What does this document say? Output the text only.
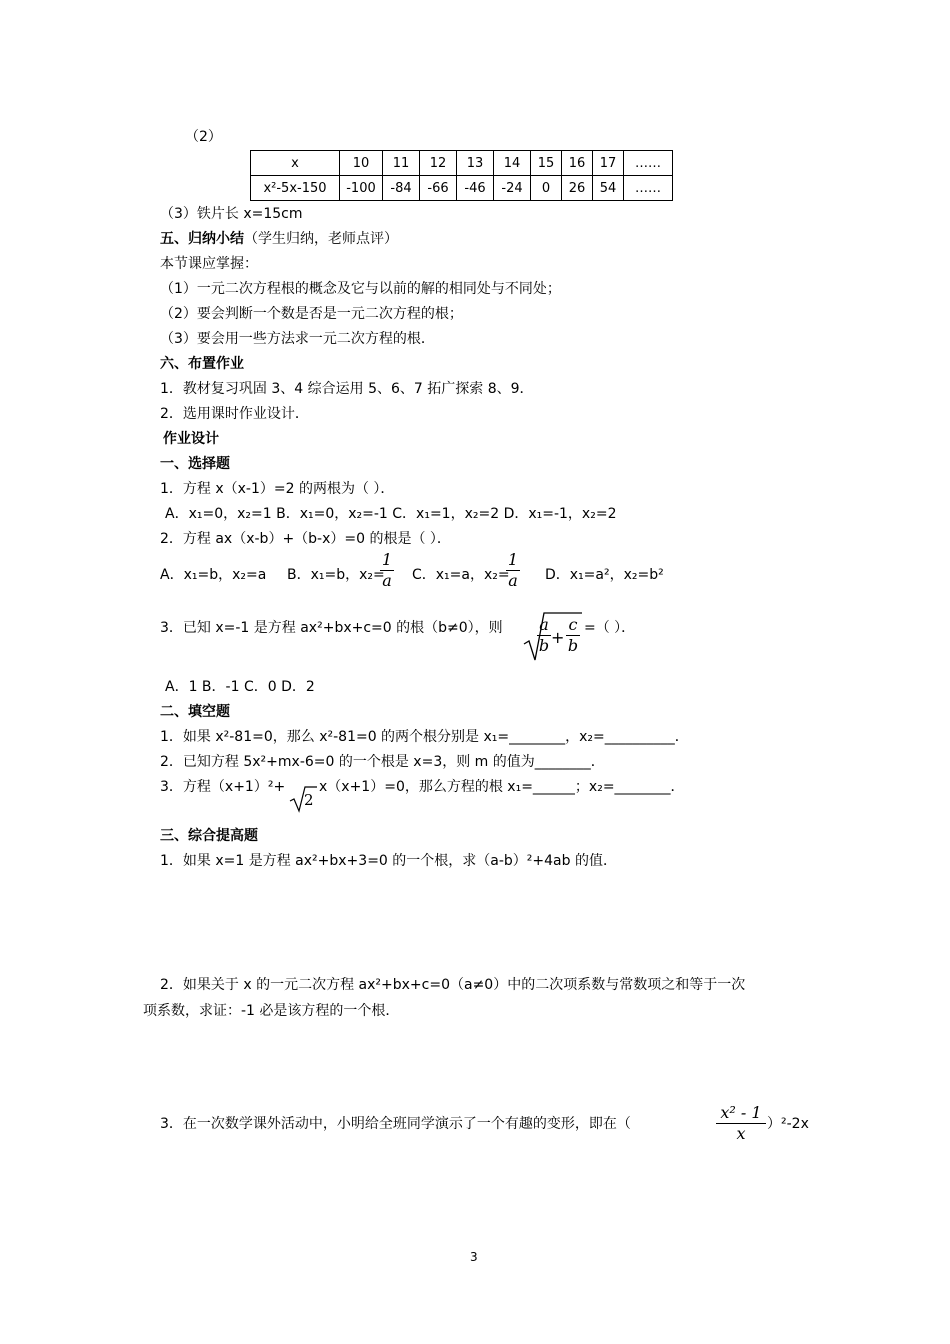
（2）
x	10	11	12	13	14	15	16	17	……
x²-5x-150	-100	-84	-66	-46	-24	0	26	54	……
（3）铁片长 x=15cm
五、归纳小结（学生归纳，老师点评）
本节课应掌握：
（1）一元二次方程根的概念及它与以前的解的相同处与不同处；
（2）要会判断一个数是否是一元二次方程的根；
（3）要会用一些方法求一元二次方程的根．
六、布置作业
1．教材复习巩固 3、4 综合运用 5、6、7 拓广探索 8、9．
2．选用课时作业设计．
作业设计
一、选择题
1．方程 x（x-1）=2 的两根为（ ）．
A．x₁=0，x₂=1 B．x₁=0，x₂=-1 C．x₁=1，x₂=2 D．x₁=-1，x₂=2
2．方程 ax（x-b）+（b-x）=0 的根是（ ）．
A．x₁=b，x₂=a B．x₁=b，x₂=
1
a C．x₁=a，x₂=
1
a D．x₁=a²，x₂=b²
3．已知 x=-1 是方程 ax²+bx+c=0 的根（b≠0），则 a
b +
c
b
=（ ）．
A．1 B．-1 C．0 D．2
二、填空题
1．如果 x²-81=0，那么 x²-81=0 的两个根分别是 x₁=________，x₂=__________．
2．已知方程 5x²+mx-6=0 的一个根是 x=3，则 m 的值为________．
3．方程（x+1）²+
2
x（x+1）=0，那么方程的根 x₁=______；x₂=________．
三、综合提高题
1．如果 x=1 是方程 ax²+bx+3=0 的一个根，求（a-b）²+4ab 的值．
2．如果关于 x 的一元二次方程 ax²+bx+c=0（a≠0）中的二次项系数与常数项之和等于一次
项系数，求证：-1 必是该方程的一个根．
3．在一次数学课外活动中，小明给全班同学演示了一个有趣的变形，即在（
x² - 1
x	）²-2x
3
